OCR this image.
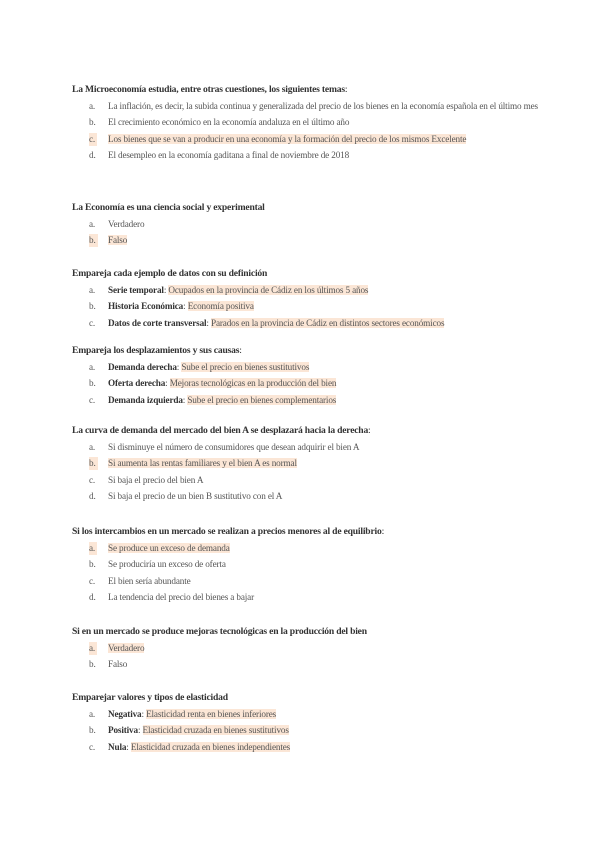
La Microeconomía estudia, entre otras cuestiones, los siguientes temas:
a. La inflación, es decir, la subida continua y generalizada del precio de los bienes en la economía española en el último mes
b. El crecimiento económico en la economía andaluza en el último año
c. Los bienes que se van a producir en una economía y la formación del precio de los mismos Excelente
d. El desempleo en la economía gaditana a final de noviembre de 2018
La Economía es una ciencia social y experimental
a. Verdadero
b. Falso
Empareja cada ejemplo de datos con su definición
a. Serie temporal: Ocupados en la provincia de Cádiz en los últimos 5 años
b. Historia Económica: Economía positiva
c. Datos de corte transversal: Parados en la provincia de Cádiz en distintos sectores económicos
Empareja los desplazamientos y sus causas:
a. Demanda derecha: Sube el precio en bienes sustitutivos
b. Oferta derecha: Mejoras tecnológicas en la producción del bien
c. Demanda izquierda: Sube el precio en bienes complementarios
La curva de demanda del mercado del bien A se desplazará hacia la derecha:
a. Si disminuye el número de consumidores que desean adquirir el bien A
b. Si aumenta las rentas familiares y el bien A es normal
c. Si baja el precio del bien A
d. Si baja el precio de un bien B sustitutivo con el A
Si los intercambios en un mercado se realizan a precios menores al de equilibrio:
a. Se produce un exceso de demanda
b. Se produciría un exceso de oferta
c. El bien sería abundante
d. La tendencia del precio del bienes a bajar
Si en un mercado se produce mejoras tecnológicas en la producción del bien
a. Verdadero
b. Falso
Emparejar valores y tipos de elasticidad
a. Negativa: Elasticidad renta en bienes inferiores
b. Positiva: Elasticidad cruzada en bienes sustitutivos
c. Nula: Elasticidad cruzada en bienes independientes
